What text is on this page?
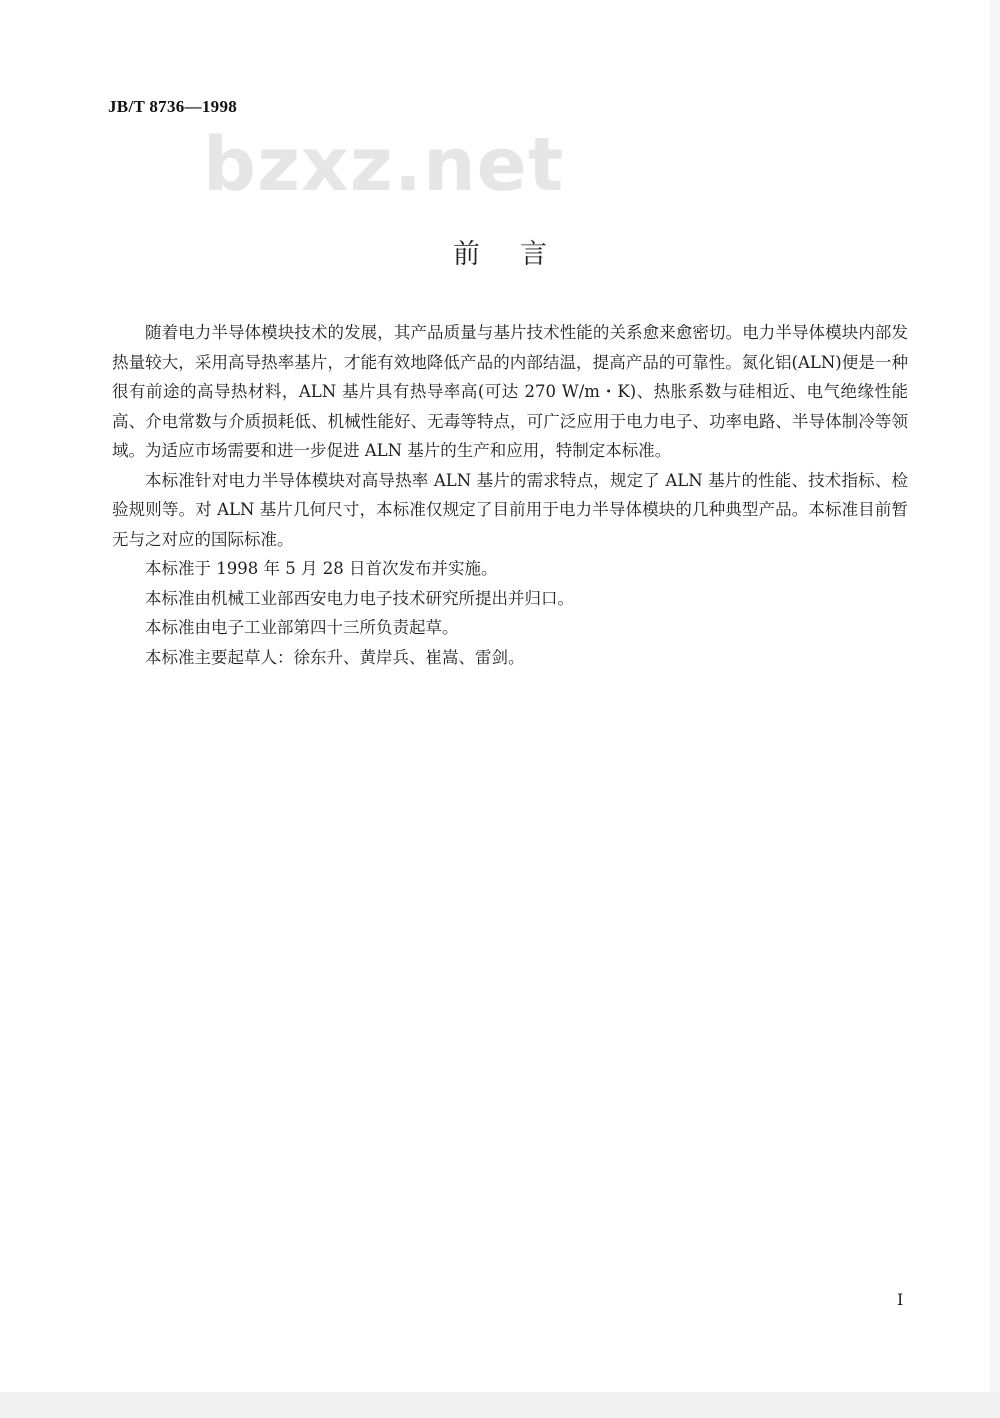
JB/T 8736—1998
bzxz.net
前言

随着电力半导体模块技术的发展，其产品质量与基片技术性能的关系愈来愈密切。电力半导体模块内部发热量较大，采用高导热率基片，才能有效地降低产品的内部结温，提高产品的可靠性。氮化铝(ALN)便是一种很有前途的高导热材料，ALN 基片具有热导率高(可达 270 W/m・K)、热胀系数与硅相近、电气绝缘性能高、介电常数与介质损耗低、机械性能好、无毒等特点，可广泛应用于电力电子、功率电路、半导体制冷等领域。为适应市场需要和进一步促进 ALN 基片的生产和应用，特制定本标准。

本标准针对电力半导体模块对高导热率 ALN 基片的需求特点，规定了 ALN 基片的性能、技术指标、检验规则等。对 ALN 基片几何尺寸，本标准仅规定了目前用于电力半导体模块的几种典型产品。本标准目前暂无与之对应的国际标准。

本标准于 1998 年 5 月 28 日首次发布并实施。

本标准由机械工业部西安电力电子技术研究所提出并归口。

本标准由电子工业部第四十三所负责起草。

本标准主要起草人：徐东升、黄岸兵、崔嵩、雷剑。

I
